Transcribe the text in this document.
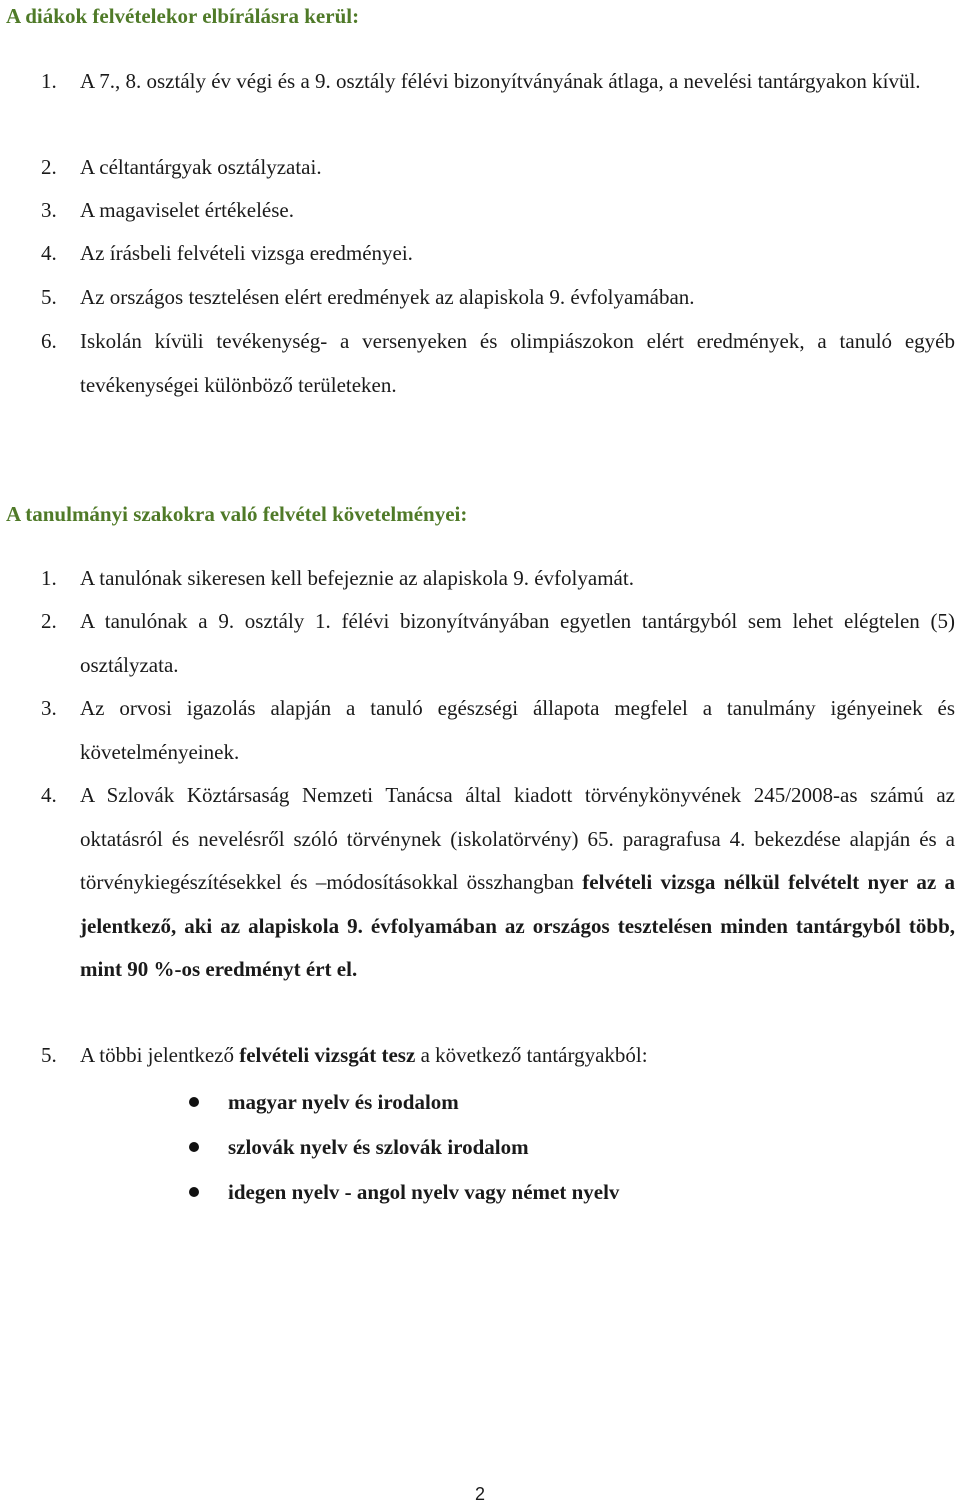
A diákok felvételekor elbírálásra kerül:
1. A 7., 8. osztály év végi és a 9. osztály félévi bizonyítványának átlaga, a nevelési tantárgyakon kívül.
2. A céltantárgyak osztályzatai.
3. A magaviselet értékelése.
4. Az írásbeli felvételi vizsga eredményei.
5. Az országos tesztelésen elért eredmények az alapiskola 9. évfolyamában.
6. Iskolán kívüli tevékenység- a versenyeken és olimpiászokon elért eredmények, a tanuló egyéb tevékenységei különböző területeken.
A tanulmányi szakokra való felvétel követelményei:
1. A tanulónak sikeresen kell befejeznie az alapiskola 9. évfolyamát.
2. A tanulónak a 9. osztály 1. félévi bizonyítványában egyetlen tantárgyból sem lehet elégtelen (5) osztályzata.
3. Az orvosi igazolás alapján a tanuló egészségi állapota megfelel a tanulmány igényeinek és követelményeinek.
4. A Szlovák Köztársaság Nemzeti Tanácsa által kiadott törvénykönyvének 245/2008-as számú az oktatásról és nevelésről szóló törvénynek (iskolatörvény) 65. paragrafusa 4. bekezdése alapján és a törvénykiegészítésekkel és –módosításokkal összhangban felvételi vizsga nélkül felvételt nyer az a jelentkező, aki az alapiskola 9. évfolyamában az országos tesztelésen minden tantárgyból több, mint 90 %-os eredményt ért el.
5. A többi jelentkező felvételi vizsgát tesz a következő tantárgyakból:
magyar nyelv és irodalom
szlovák nyelv és szlovák irodalom
idegen nyelv - angol nyelv vagy német nyelv
2
